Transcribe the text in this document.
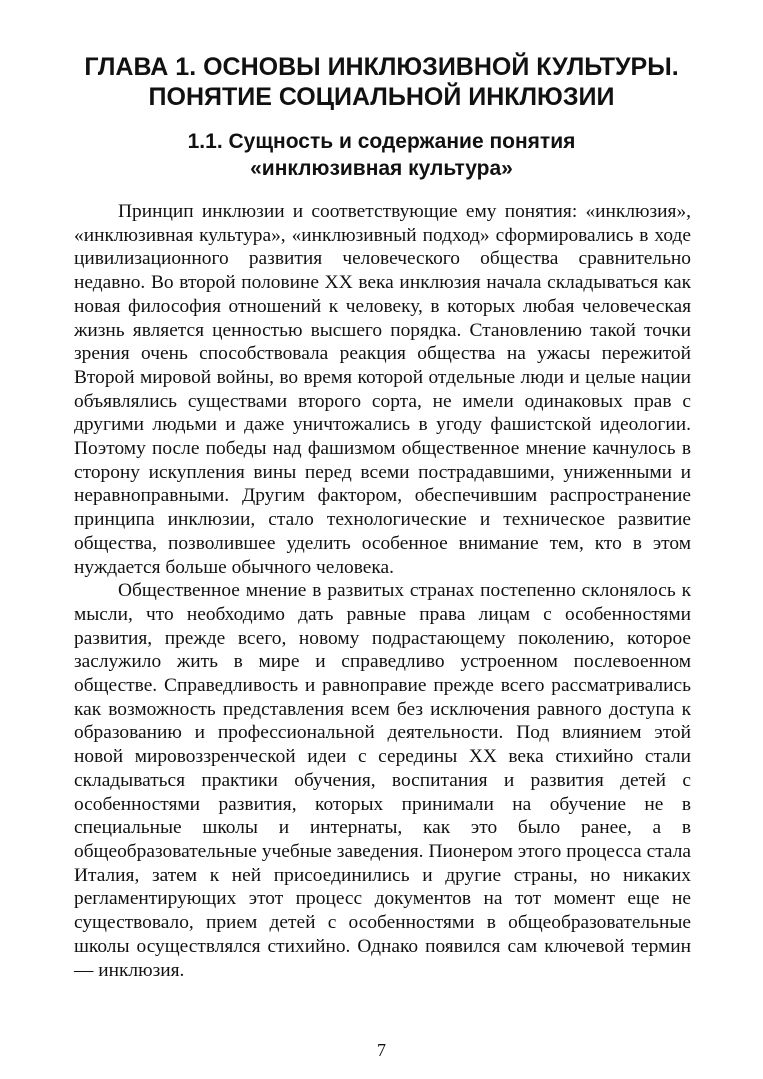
ГЛАВА 1. ОСНОВЫ ИНКЛЮЗИВНОЙ КУЛЬТУРЫ. ПОНЯТИЕ СОЦИАЛЬНОЙ ИНКЛЮЗИИ
1.1. Сущность и содержание понятия «инклюзивная культура»

Принцип инклюзии и соответствующие ему понятия: «инклюзия», «инклюзивная культура», «инклюзивный подход» сформировались в ходе цивилизационного развития человеческого общества сравнительно недавно. Во второй половине XX века инклюзия начала складываться как новая философия отношений к человеку, в которых любая человеческая жизнь является ценностью высшего порядка. Становлению такой точки зрения очень способствовала реакция общества на ужасы пережитой Второй мировой войны, во время которой отдельные люди и целые нации объявлялись существами второго сорта, не имели одинаковых прав с другими людьми и даже уничтожались в угоду фашистской идеологии. Поэтому после победы над фашизмом общественное мнение качнулось в сторону искупления вины перед всеми пострадавшими, униженными и неравноправными. Другим фактором, обеспечившим распространение принципа инклюзии, стало технологические и техническое развитие общества, позволившее уделить особенное внимание тем, кто в этом нуждается больше обычного человека.

Общественное мнение в развитых странах постепенно склонялось к мысли, что необходимо дать равные права лицам с особенностями развития, прежде всего, новому подрастающему поколению, которое заслужило жить в мире и справедливо устроенном послевоенном обществе. Справедливость и равноправие прежде всего рассматривались как возможность представления всем без исключения равного доступа к образованию и профессиональной деятельности. Под влиянием этой новой мировоззренческой идеи с середины XX века стихийно стали складываться практики обучения, воспитания и развития детей с особенностями развития, которых принимали на обучение не в специальные школы и интернаты, как это было ранее, а в общеобразовательные учебные заведения. Пионером этого процесса стала Италия, затем к ней присоединились и другие страны, но никаких регламентирующих этот процесс документов на тот момент еще не существовало, прием детей с особенностями в общеобразовательные школы осуществлялся стихийно. Однако появился сам ключевой термин — инклюзия.

7
